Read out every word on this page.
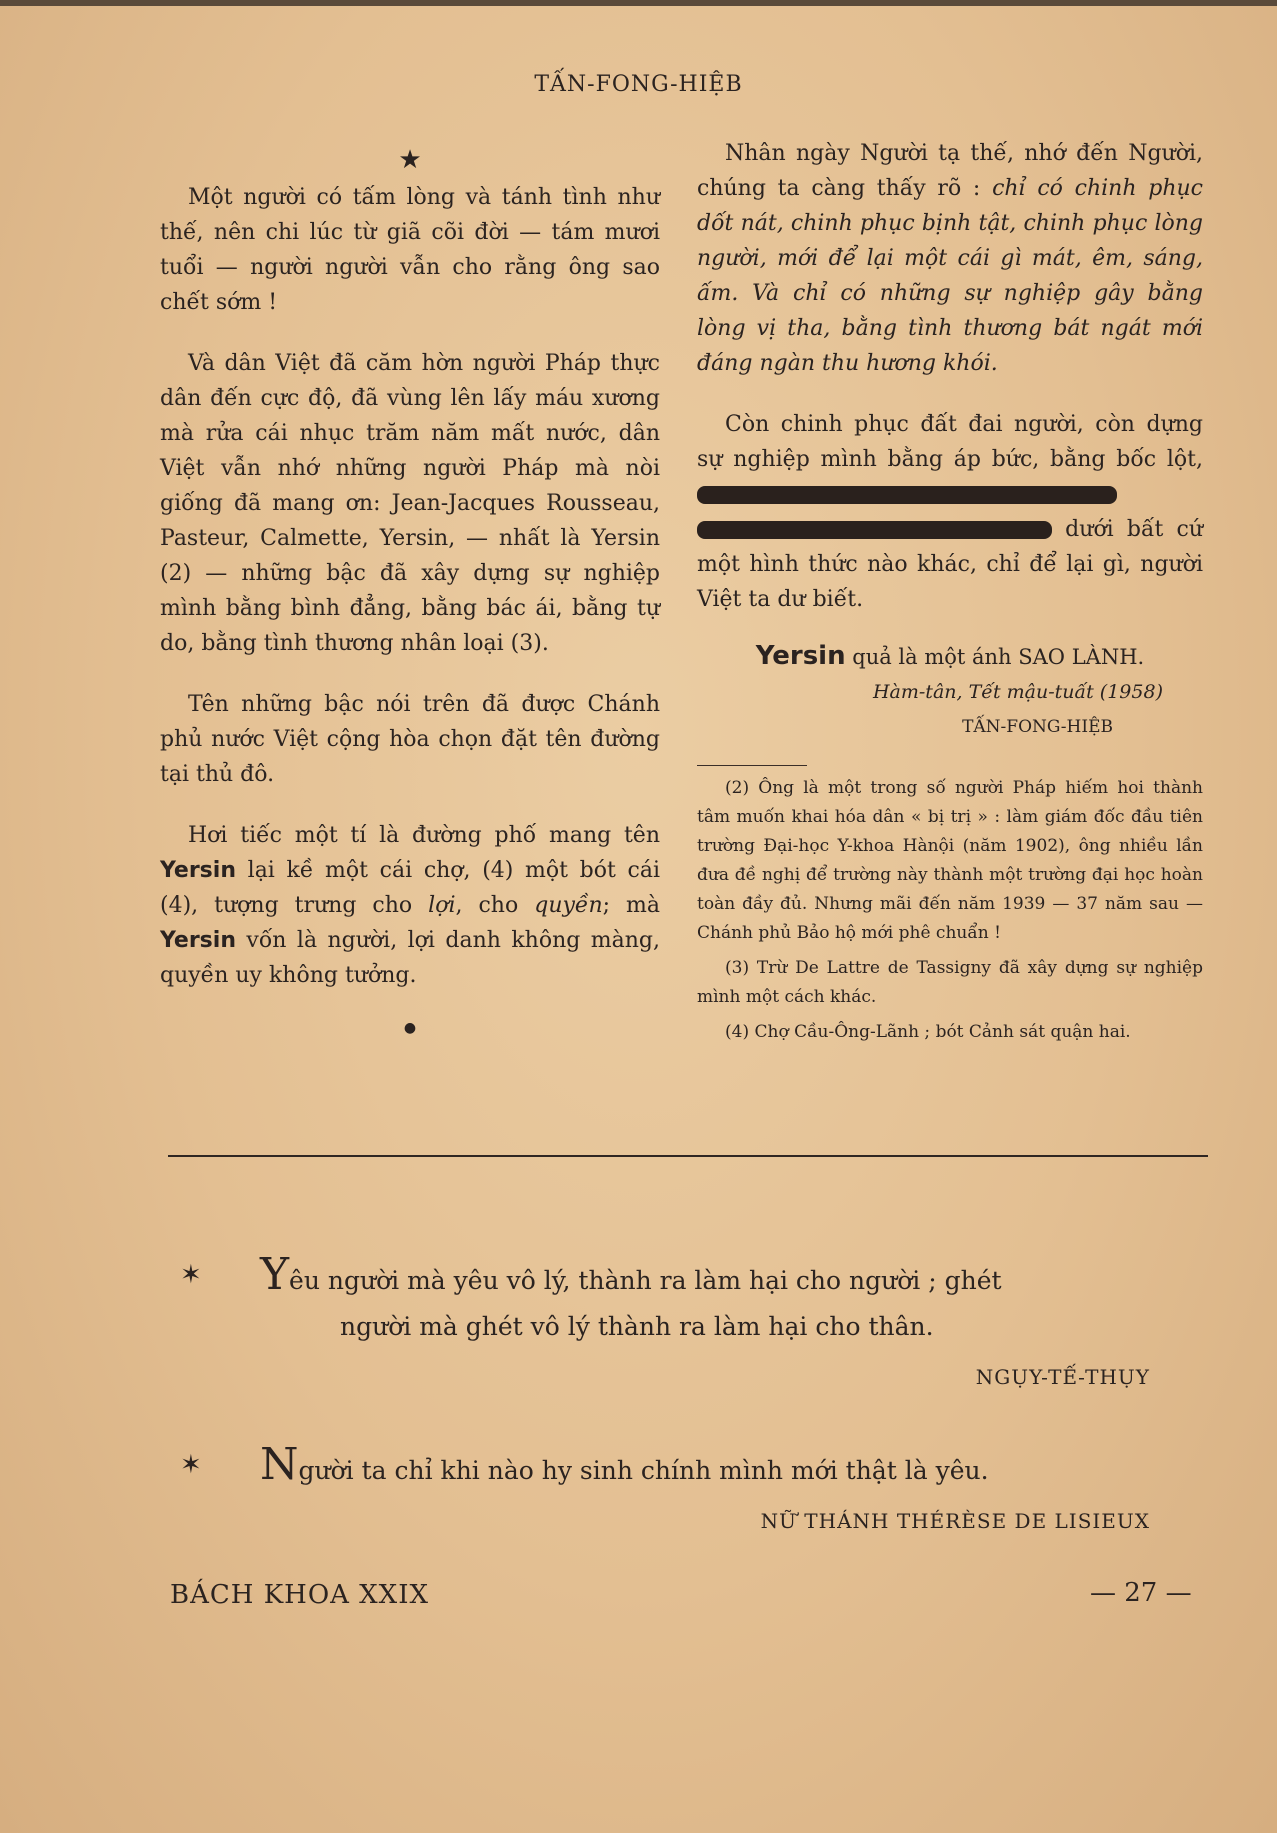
TẤN-FONG-HIỆB
★

Một người có tấm lòng và tánh tình như thế, nên chi lúc từ giã cõi đời — tám mươi tuổi — người người vẫn cho rằng ông sao chết sớm !

Và dân Việt đã căm hờn người Pháp thực dân đến cực độ, đã vùng lên lấy máu xương mà rửa cái nhục trăm năm mất nước, dân Việt vẫn nhớ những người Pháp mà nòi giống đã mang ơn: Jean-Jacques Rousseau, Pasteur, Calmette, Yersin, — nhất là Yersin (2) — những bậc đã xây dựng sự nghiệp mình bằng bình đẳng, bằng bác ái, bằng tự do, bằng tình thương nhân loại (3).

Tên những bậc nói trên đã được Chánh phủ nước Việt cộng hòa chọn đặt tên đường tại thủ đô.

Hơi tiếc một tí là đường phố mang tên Yersin lại kề một cái chợ, (4) một bót cái (4), tượng trưng cho lợi, cho quyền; mà Yersin vốn là người, lợi danh không màng, quyền uy không tưởng.

●

Nhân ngày Người tạ thế, nhớ đến Người, chúng ta càng thấy rõ : chỉ có chinh phục dốt nát, chinh phục bịnh tật, chinh phục lòng người, mới để lại một cái gì mát, êm, sáng, ấm. Và chỉ có những sự nghiệp gây bằng lòng vị tha, bằng tình thương bát ngát mới đáng ngàn thu hương khói.

Còn chinh phục đất đai người, còn dựng sự nghiệp mình bằng áp bức, bằng bốc lột,   dưới bất cứ một hình thức nào khác, chỉ để lại gì, người Việt ta dư biết.

Yersin quả là một ánh SAO LÀNH.
Hàm-tân, Tết mậu-tuất (1958)
TẤN-FONG-HIỆB

(2) Ông là một trong số người Pháp hiếm hoi thành tâm muốn khai hóa dân « bị trị » : làm giám đốc đầu tiên trường Đại-học Y-khoa Hànội (năm 1902), ông nhiều lần đưa đề nghị để trường này thành một trường đại học hoàn toàn đầy đủ. Nhưng mãi đến năm 1939 — 37 năm sau — Chánh phủ Bảo hộ mới phê chuẩn !

(3) Trừ De Lattre de Tassigny đã xây dựng sự nghiệp mình một cách khác.

(4) Chợ Cầu-Ông-Lãnh ; bót Cảnh sát quận hai.

✶ Yêu người mà yêu vô lý, thành ra làm hại cho người ; ghét
người mà ghét vô lý thành ra làm hại cho thân.
NGỤY-TẾ-THỤY
✶ Người ta chỉ khi nào hy sinh chính mình mới thật là yêu.
NỮ THÁNH THÉRÈSE DE LISIEUX
BÁCH KHOA XXIX	— 27 —
